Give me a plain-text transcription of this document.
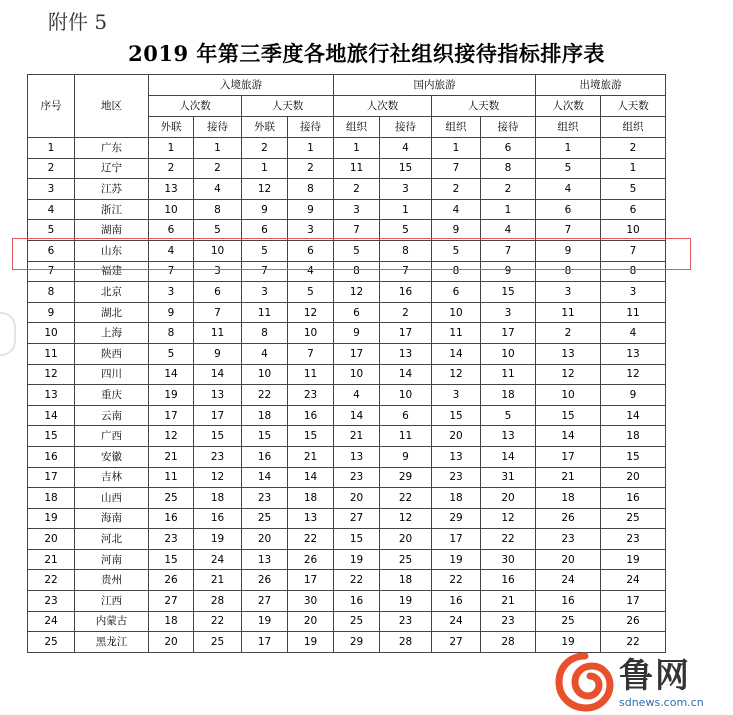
附件 5
2019 年第三季度各地旅行社组织接待指标排序表
序号	地区	入境旅游				国内旅游				出境旅游	
		人次数		人天数		人次数		人天数		人次数	人天数
		外联	接待	外联	接待	组织	接待	组织	接待	组织	组织
1	广东	1	1	2	1	1	4	1	6	1	2
2	辽宁	2	2	1	2	11	15	7	8	5	1
3	江苏	13	4	12	8	2	3	2	2	4	5
4	浙江	10	8	9	9	3	1	4	1	6	6
5	湖南	6	5	6	3	7	5	9	4	7	10
6	山东	4	10	5	6	5	8	5	7	9	7
7	福建	7	3	7	4	8	7	8	9	8	8
8	北京	3	6	3	5	12	16	6	15	3	3
9	湖北	9	7	11	12	6	2	10	3	11	11
10	上海	8	11	8	10	9	17	11	17	2	4
11	陕西	5	9	4	7	17	13	14	10	13	13
12	四川	14	14	10	11	10	14	12	11	12	12
13	重庆	19	13	22	23	4	10	3	18	10	9
14	云南	17	17	18	16	14	6	15	5	15	14
15	广西	12	15	15	15	21	11	20	13	14	18
16	安徽	21	23	16	21	13	9	13	14	17	15
17	吉林	11	12	14	14	23	29	23	31	21	20
18	山西	25	18	23	18	20	22	18	20	18	16
19	海南	16	16	25	13	27	12	29	12	26	25
20	河北	23	19	20	22	15	20	17	22	23	23
21	河南	15	24	13	26	19	25	19	30	20	19
22	贵州	26	21	26	17	22	18	22	16	24	24
23	江西	27	28	27	30	16	19	16	21	16	17
24	内蒙古	18	22	19	20	25	23	24	23	25	26
25	黑龙江	20	25	17	19	29	28	27	28	19	22
鲁网
sdnews.com.cn
